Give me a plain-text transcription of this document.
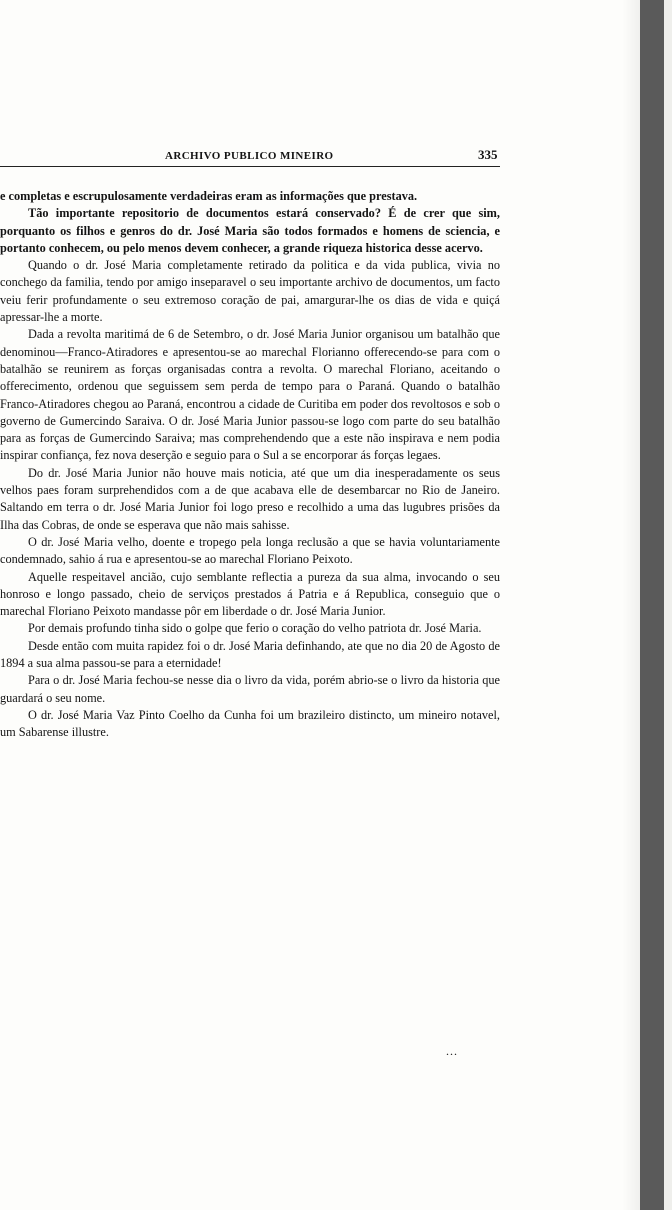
ARCHIVO PUBLICO MINEIRO	335

e completas e escrupulosamente verdadeiras eram as informações que prestava.

Tão importante repositorio de documentos estará conservado? É de crer que sim, porquanto os filhos e genros do dr. José Maria são todos formados e homens de sciencia, e portanto conhecem, ou pelo menos devem conhecer, a grande riqueza historica desse acervo.

Quando o dr. José Maria completamente retirado da politica e da vida publica, vivia no conchego da familia, tendo por amigo inseparavel o seu importante archivo de documentos, um facto veiu ferir profundamente o seu extremoso coração de pai, amargurar-lhe os dias de vida e quiçá apressar-lhe a morte.

Dada a revolta maritimá de 6 de Setembro, o dr. José Maria Junior organisou um batalhão que denominou—Franco-Atiradores e apresentou-se ao marechal Florianno offerecendo-se para com o batalhão se reunirem as forças organisadas contra a revolta. O marechal Floriano, aceitando o offerecimento, ordenou que seguissem sem perda de tempo para o Paraná. Quando o batalhão Franco-Atiradores chegou ao Paraná, encontrou a cidade de Curitiba em poder dos revoltosos e sob o governo de Gumercindo Saraiva. O dr. José Maria Junior passou-se logo com parte do seu batalhão para as forças de Gumercindo Saraiva; mas comprehendendo que a este não inspirava e nem podia inspirar confiança, fez nova deserção e seguio para o Sul a se encorporar ás forças legaes.

Do dr. José Maria Junior não houve mais noticia, até que um dia inesperadamente os seus velhos paes foram surprehendidos com a de que acabava elle de desembarcar no Rio de Janeiro. Saltando em terra o dr. José Maria Junior foi logo preso e recolhido a uma das lugubres prisões da Ilha das Cobras, de onde se esperava que não mais sahisse.

O dr. José Maria velho, doente e tropego pela longa reclusão a que se havia voluntariamente condemnado, sahio á rua e apresentou-se ao marechal Floriano Peixoto.

Aquelle respeitavel ancião, cujo semblante reflectia a pureza da sua alma, invocando o seu honroso e longo passado, cheio de serviços prestados á Patria e á Republica, conseguio que o marechal Floriano Peixoto mandasse pôr em liberdade o dr. José Maria Junior.

Por demais profundo tinha sido o golpe que ferio o coração do velho patriota dr. José Maria.

Desde então com muita rapidez foi o dr. José Maria definhando, ate que no dia 20 de Agosto de 1894 a sua alma passou-se para a eternidade!

Para o dr. José Maria fechou-se nesse dia o livro da vida, porém abrio-se o livro da historia que guardará o seu nome.

O dr. José Maria Vaz Pinto Coelho da Cunha foi um brazileiro distincto, um mineiro notavel, um Sabarense illustre.

...
